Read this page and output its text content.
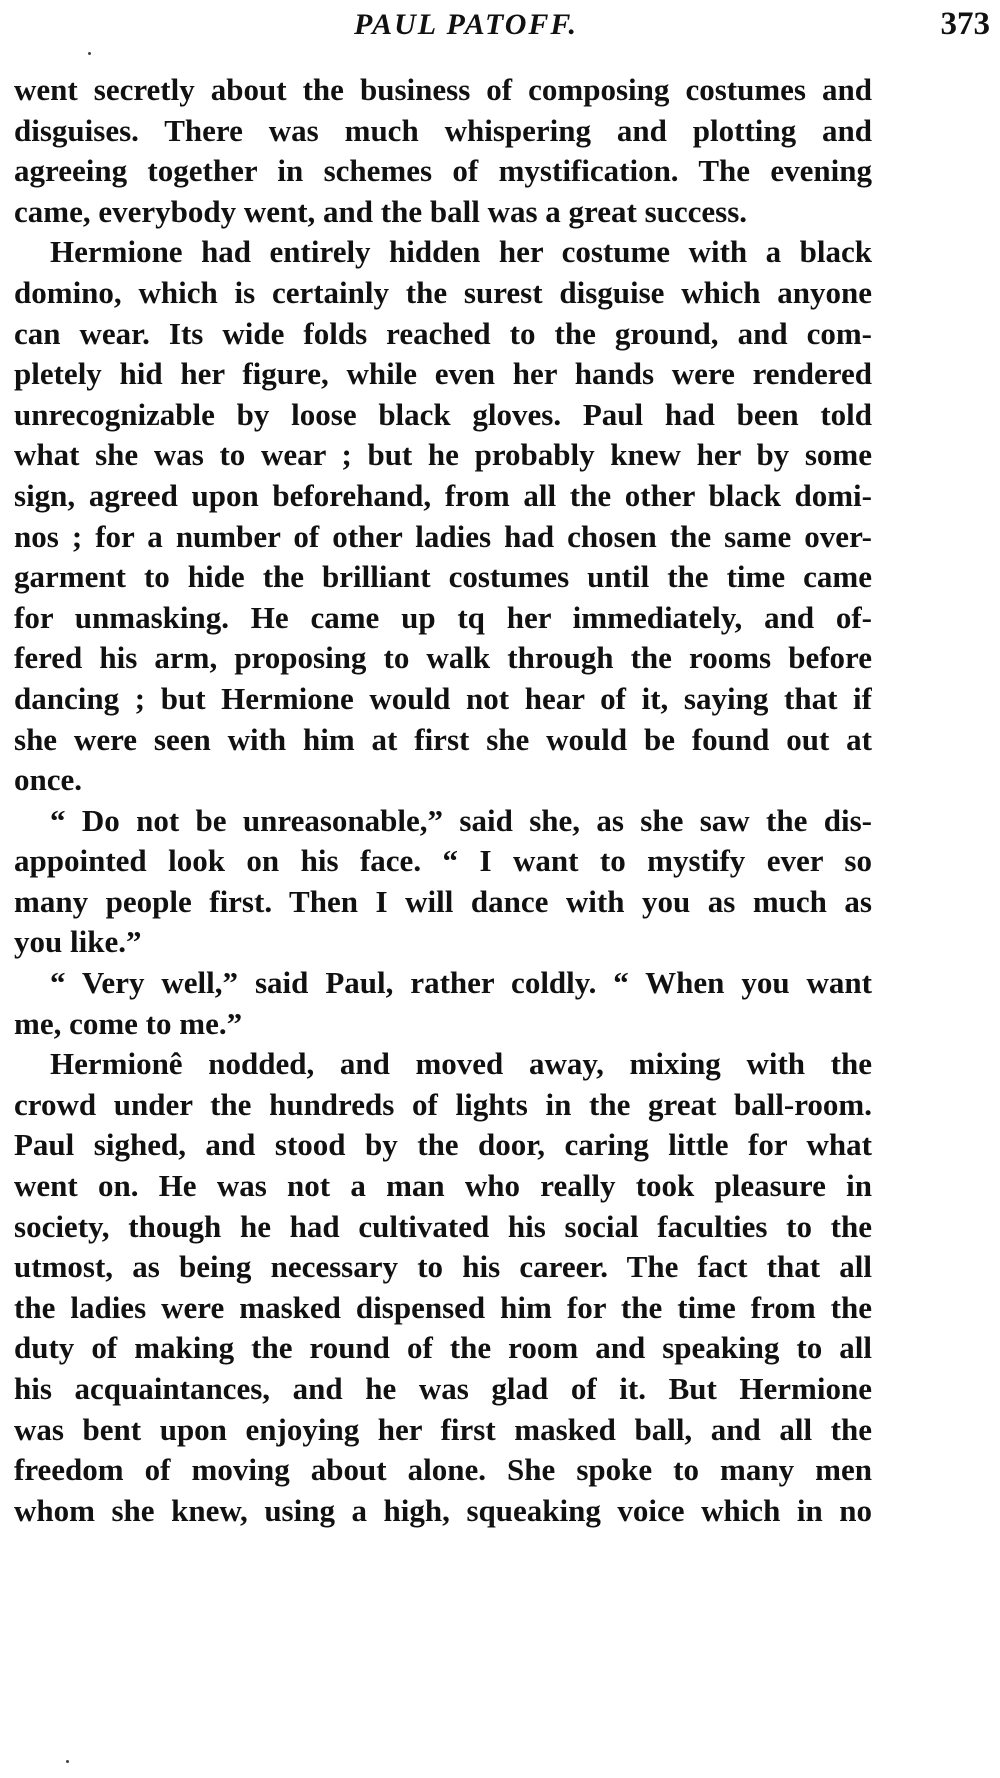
PAUL PATOFF.	373
went secretly about the business of composing costumes and
disguises. There was much whispering and plotting and
agreeing together in schemes of mystification. The evening
came, everybody went, and the ball was a great success.
Hermione had entirely hidden her costume with a black
domino, which is certainly the surest disguise which anyone
can wear. Its wide folds reached to the ground, and com-
pletely hid her figure, while even her hands were rendered
unrecognizable by loose black gloves. Paul had been told
what she was to wear ; but he probably knew her by some
sign, agreed upon beforehand, from all the other black domi-
nos ; for a number of other ladies had chosen the same over-
garment to hide the brilliant costumes until the time came
for unmasking. He came up tq her immediately, and of-
fered his arm, proposing to walk through the rooms before
dancing ; but Hermione would not hear of it, saying that if
she were seen with him at first she would be found out at
once.
“ Do not be unreasonable,” said she, as she saw the dis-
appointed look on his face. “ I want to mystify ever so
many people first. Then I will dance with you as much as
you like.”
“ Very well,” said Paul, rather coldly. “ When you want
me, come to me.”
Hermionê nodded, and moved away, mixing with the
crowd under the hundreds of lights in the great ball-room.
Paul sighed, and stood by the door, caring little for what
went on. He was not a man who really took pleasure in
society, though he had cultivated his social faculties to the
utmost, as being necessary to his career. The fact that all
the ladies were masked dispensed him for the time from the
duty of making the round of the room and speaking to all
his acquaintances, and he was glad of it. But Hermione
was bent upon enjoying her first masked ball, and all the
freedom of moving about alone. She spoke to many men
whom she knew, using a high, squeaking voice which in no
